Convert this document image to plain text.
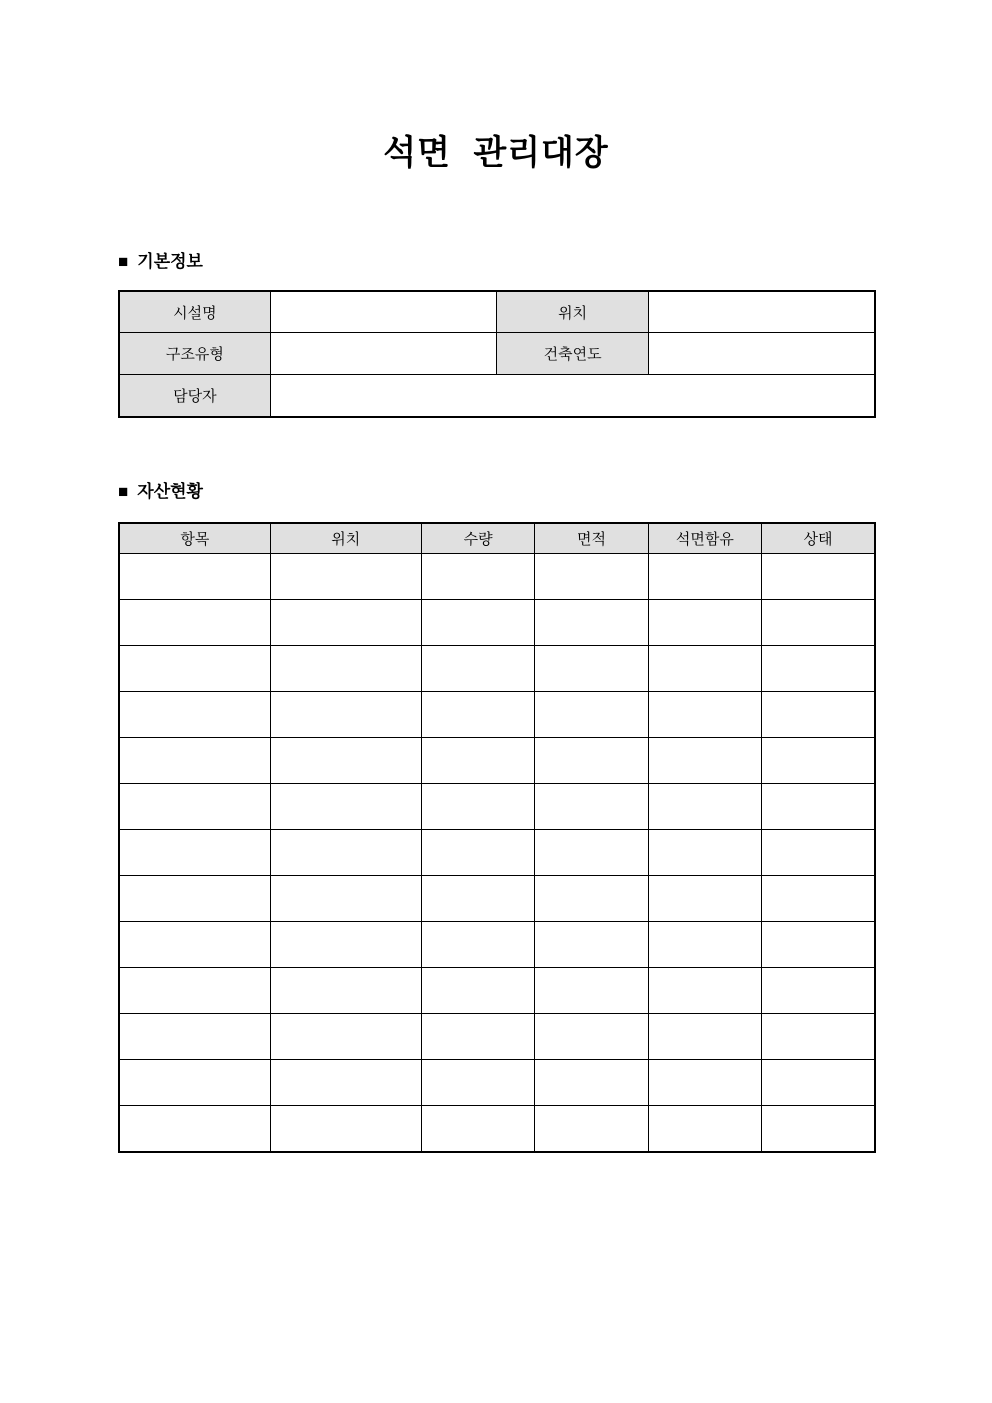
석면 관리대장
■ 기본정보
시설명		위치	
구조유형		건축연도	
담당자			
■ 자산현황
항목	위치	수량	면적	석면함유	상태
